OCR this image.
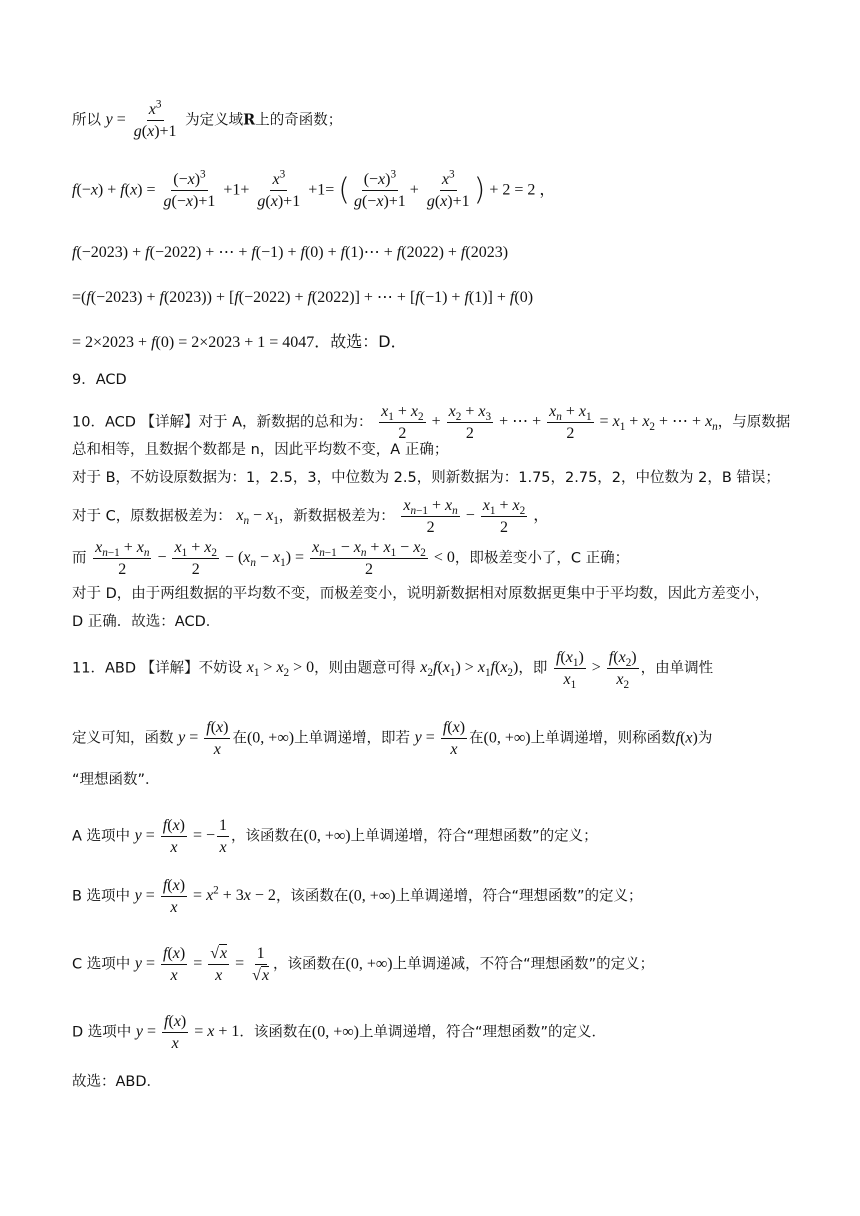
所以 $y = \frac{x^3}{g(x)+1}$ 为定义域R上的奇函数；
$f(-x) + f(x) = \frac{(-x)^3}{g(-x)+1} +1+ \frac{x^3}{g(x)+1} +1=$ ( $\frac{(-x)^3}{g(-x)+1} + \frac{x^3}{g(x)+1}$ ) + 2 = 2 ，
f(−2023) + f(−2022) + ⋯ + f(−1) + f(0) + f(1)⋯ + f(2022) + f(2023)
=(f(−2023) + f(2023)) + [f(−2022) + f(2022)] + ⋯ + [f(−1) + f(1)] + f(0)
= 2×2023 + f(0) = 2×2023 + 1 = 4047．故选：D．
9．ACD
10．ACD 【详解】对于 A，新数据的总和为： $\frac{x_1 + x_2}{2} + \frac{x_2 + x_3}{2}$ + ⋯ + $\frac{x_n + x_1}{2} = x_1 + x_2$ + ⋯ + $x_n$，与原数据
总和相等，且数据个数都是 n，因此平均数不变，A 正确；
对于 B，不妨设原数据为：1，2.5，3，中位数为 2.5，则新数据为：1.75，2.75，2，中位数为 2，B 错误；
对于 C，原数据极差为： $x_n - x_1$，新数据极差为： $\frac{x_{n-1} + x_n}{2} - \frac{x_1 + x_2}{2}$ ，
而 $\frac{x_{n-1} + x_n}{2} - \frac{x_1 + x_2}{2} - (x_n - x_1) = \frac{x_{n-1} - x_n + x_1 - x_2}{2} < 0$，即极差变小了，C 正确；
对于 D，由于两组数据的平均数不变，而极差变小，说明新数据相对原数据更集中于平均数，因此方差变小，
D 正确．故选：ACD．
11．ABD 【详解】不妨设 $x_1 > x_2 > 0$，则由题意可得 $x_2f(x_1) > x_1f(x_2)$，即 $\frac{f(x_1)}{x_1} > \frac{f(x_2)}{x_2}$ ，由单调性
定义可知，函数 $y = \frac{f(x)}{x}$ 在(0, +∞)上单调递增，即若 $y = \frac{f(x)}{x}$ 在(0, +∞)上单调递增，则称函数f(x)为
“理想函数”．
A 选项中 $y = \frac{f(x)}{x}$ = − $\frac{1}{x}$ ，该函数在(0, +∞)上单调递增，符合“理想函数”的定义；
B 选项中 $y = \frac{f(x)}{x} = x^2 + 3x - 2$，该函数在(0, +∞)上单调递增，符合“理想函数”的定义；
C 选项中 $y = \frac{f(x)}{x} = \frac{√x}{x} = \frac{1}{√x}$ ，该函数在(0, +∞)上单调递减，不符合“理想函数”的定义；
D 选项中 $y = \frac{f(x)}{x} = x + 1$．该函数在(0, +∞)上单调递增，符合“理想函数”的定义．
故选：ABD．
